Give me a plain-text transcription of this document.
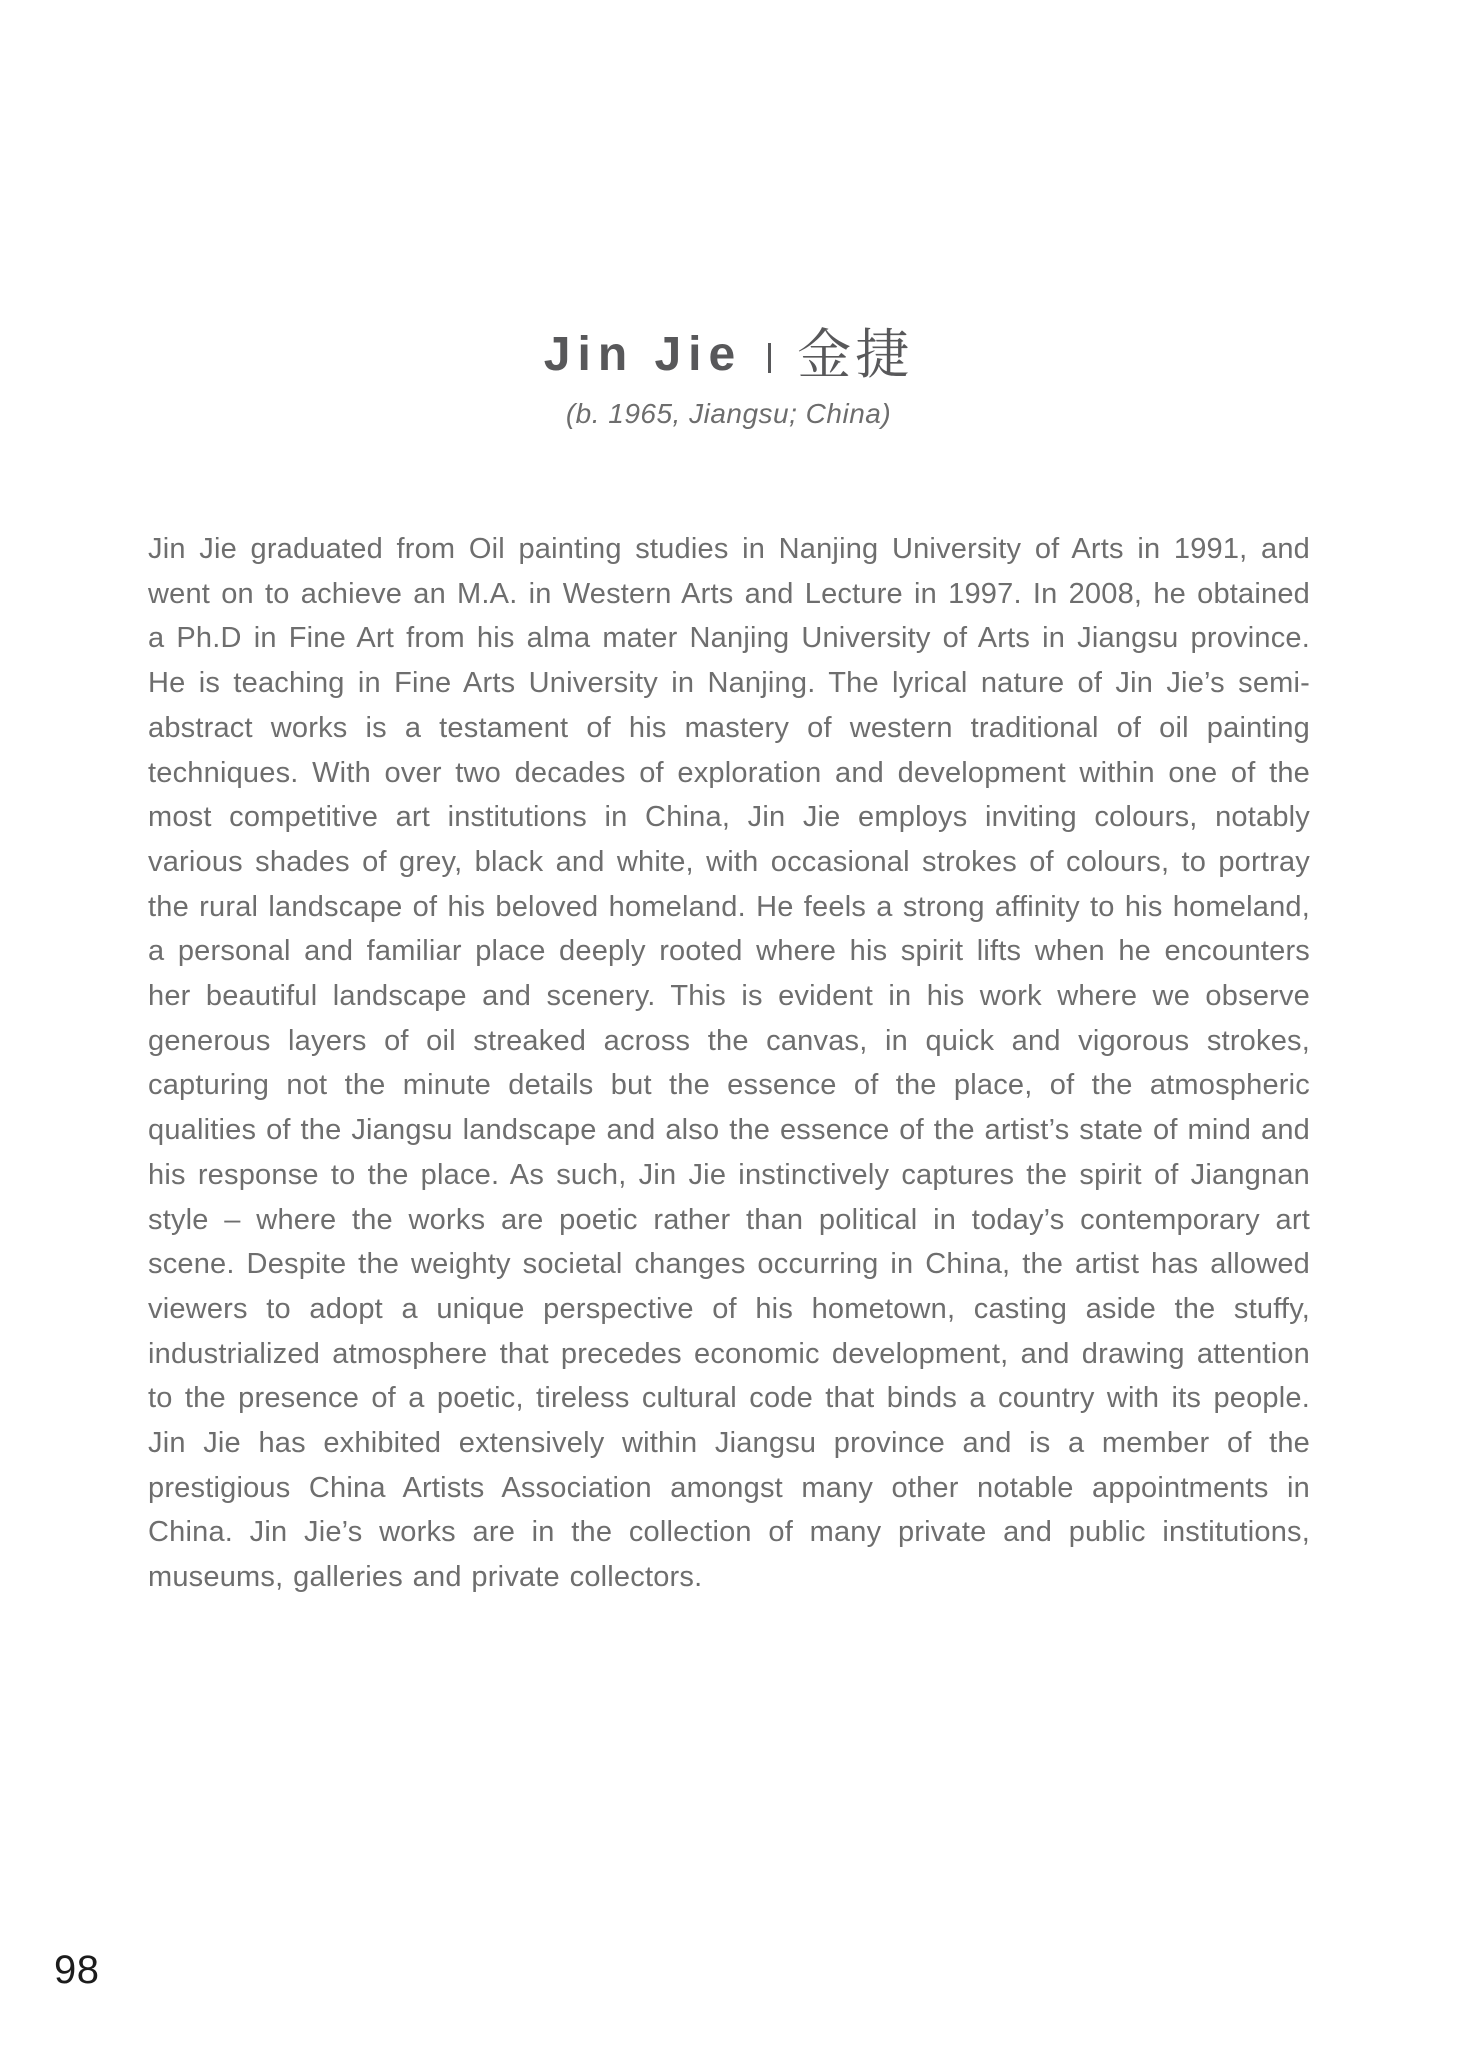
Jin Jie 金捷
(b. 1965, Jiangsu; China)

Jin Jie graduated from Oil painting studies in Nanjing University of Arts in 1991, and went on to achieve an M.A. in Western Arts and Lecture in 1997. In 2008, he obtained a Ph.D in Fine Art from his alma mater Nanjing University of Arts in Jiangsu province. He is teaching in Fine Arts University in Nanjing. The lyrical nature of Jin Jie’s semi-abstract works is a testament of his mastery of western traditional of oil painting techniques. With over two decades of exploration and development within one of the most competitive art institutions in China, Jin Jie employs inviting colours, notably various shades of grey, black and white, with occasional strokes of colours, to portray the rural landscape of his beloved homeland. He feels a strong affinity to his homeland, a personal and familiar place deeply rooted where his spirit lifts when he encounters her beautiful landscape and scenery. This is evident in his work where we observe generous layers of oil streaked across the canvas, in quick and vigorous strokes, capturing not the minute details but the essence of the place, of the atmospheric qualities of the Jiangsu landscape and also the essence of the artist’s state of mind and his response to the place. As such, Jin Jie instinctively captures the spirit of Jiangnan style – where the works are poetic rather than political in today’s contemporary art scene. Despite the weighty societal changes occurring in China, the artist has allowed viewers to adopt a unique perspective of his hometown, casting aside the stuffy, industrialized atmosphere that precedes economic development, and drawing attention to the presence of a poetic, tireless cultural code that binds a country with its people. Jin Jie has exhibited extensively within Jiangsu province and is a member of the prestigious China Artists Association amongst many other notable appointments in China. Jin Jie’s works are in the collection of many private and public institutions, museums, galleries and private collectors.

98
